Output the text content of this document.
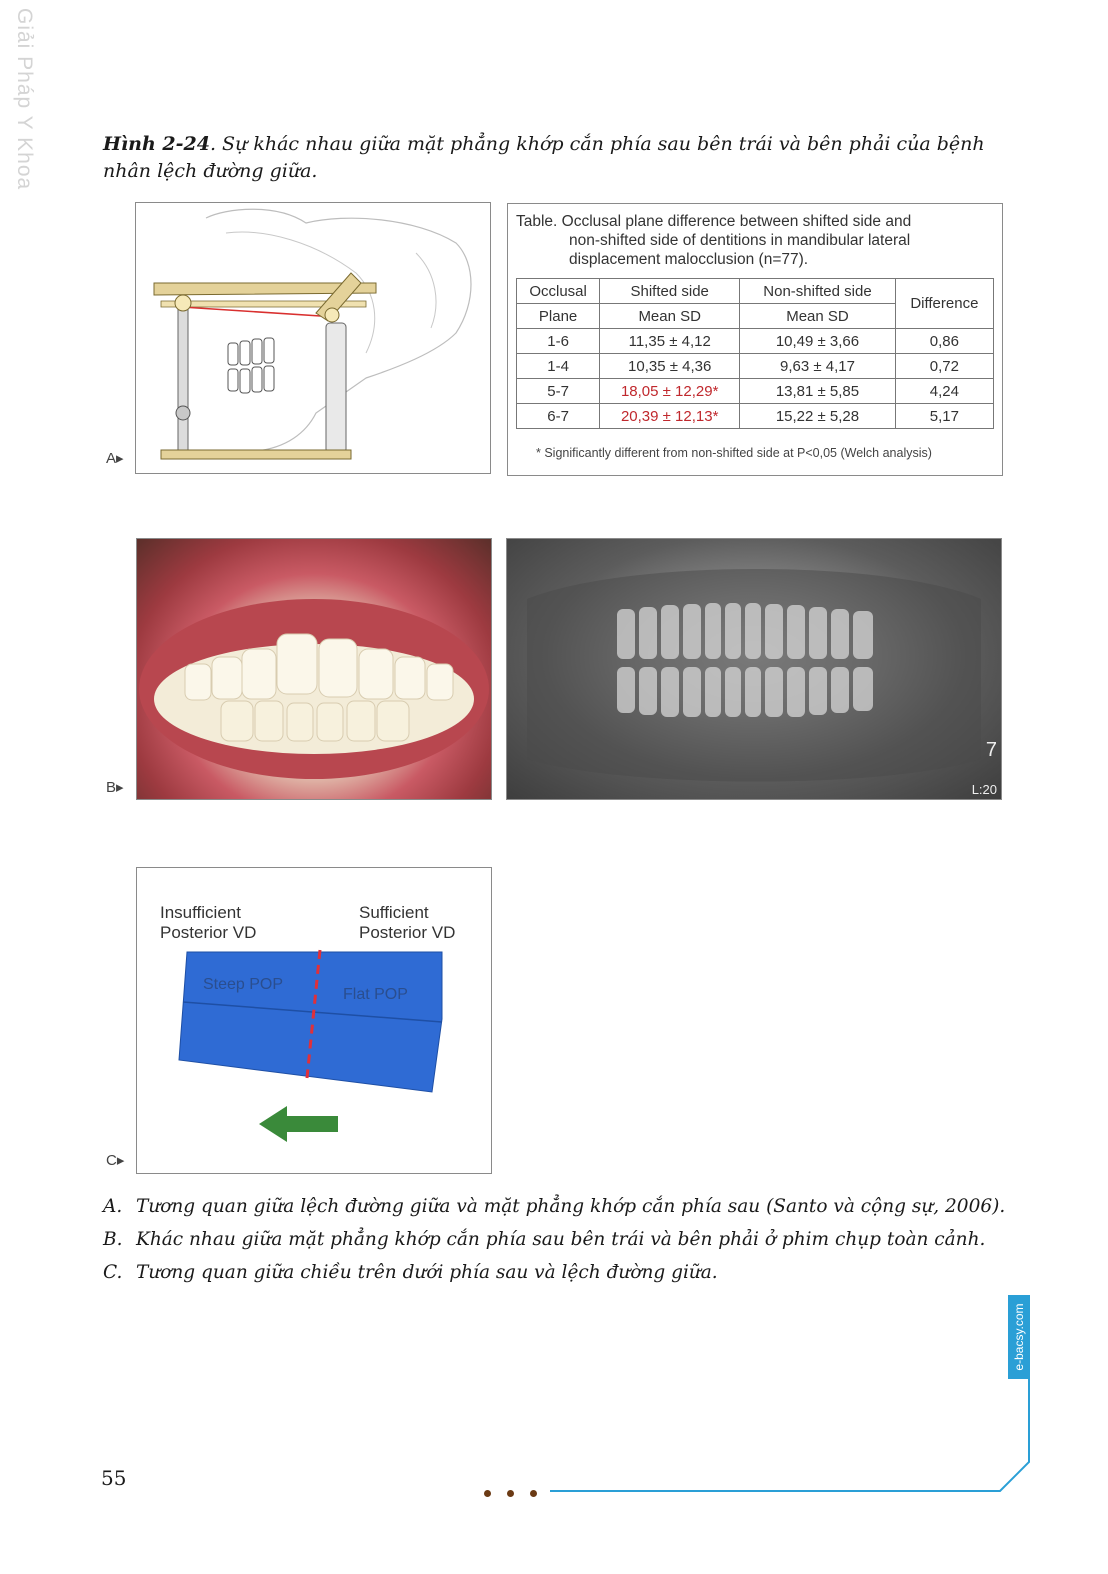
Giải Pháp Y Khoa	Hình 2-24. Sự khác nhau giữa mặt phẳng khớp cắn phía sau bên trái và bên phải của bệnh nhân lệch đường giữa.
A▸
Table. Occlusal plane difference between shifted side and
non-shifted side of dentitions in mandibular lateral
displacement malocclusion (n=77).
Occlusal	Shifted side	Non-shifted side	Difference
Plane	Mean SD	Mean SD	
1-6	11,35 ± 4,12	10,49 ± 3,66	0,86
1-4	10,35 ± 4,36	9,63 ± 4,17	0,72
5-7	18,05 ± 12,29*	13,81 ± 5,85	4,24
6-7	20,39 ± 12,13*	15,22 ± 5,28	5,17
* Significantly different from non-shifted side at P<0,05 (Welch analysis)
B▸
7
L:20
Insufficient
Posterior VD
Sufficient
Posterior VD
Steep POP
Flat POP
C▸
A. Tương quan giữa lệch đường giữa và mặt phẳng khớp cắn phía sau (Santo và cộng sự, 2006).
B. Khác nhau giữa mặt phẳng khớp cắn phía sau bên trái và bên phải ở phim chụp toàn cảnh.
C. Tương quan giữa chiều trên dưới phía sau và lệch đường giữa.
e-bacsy.com
55
